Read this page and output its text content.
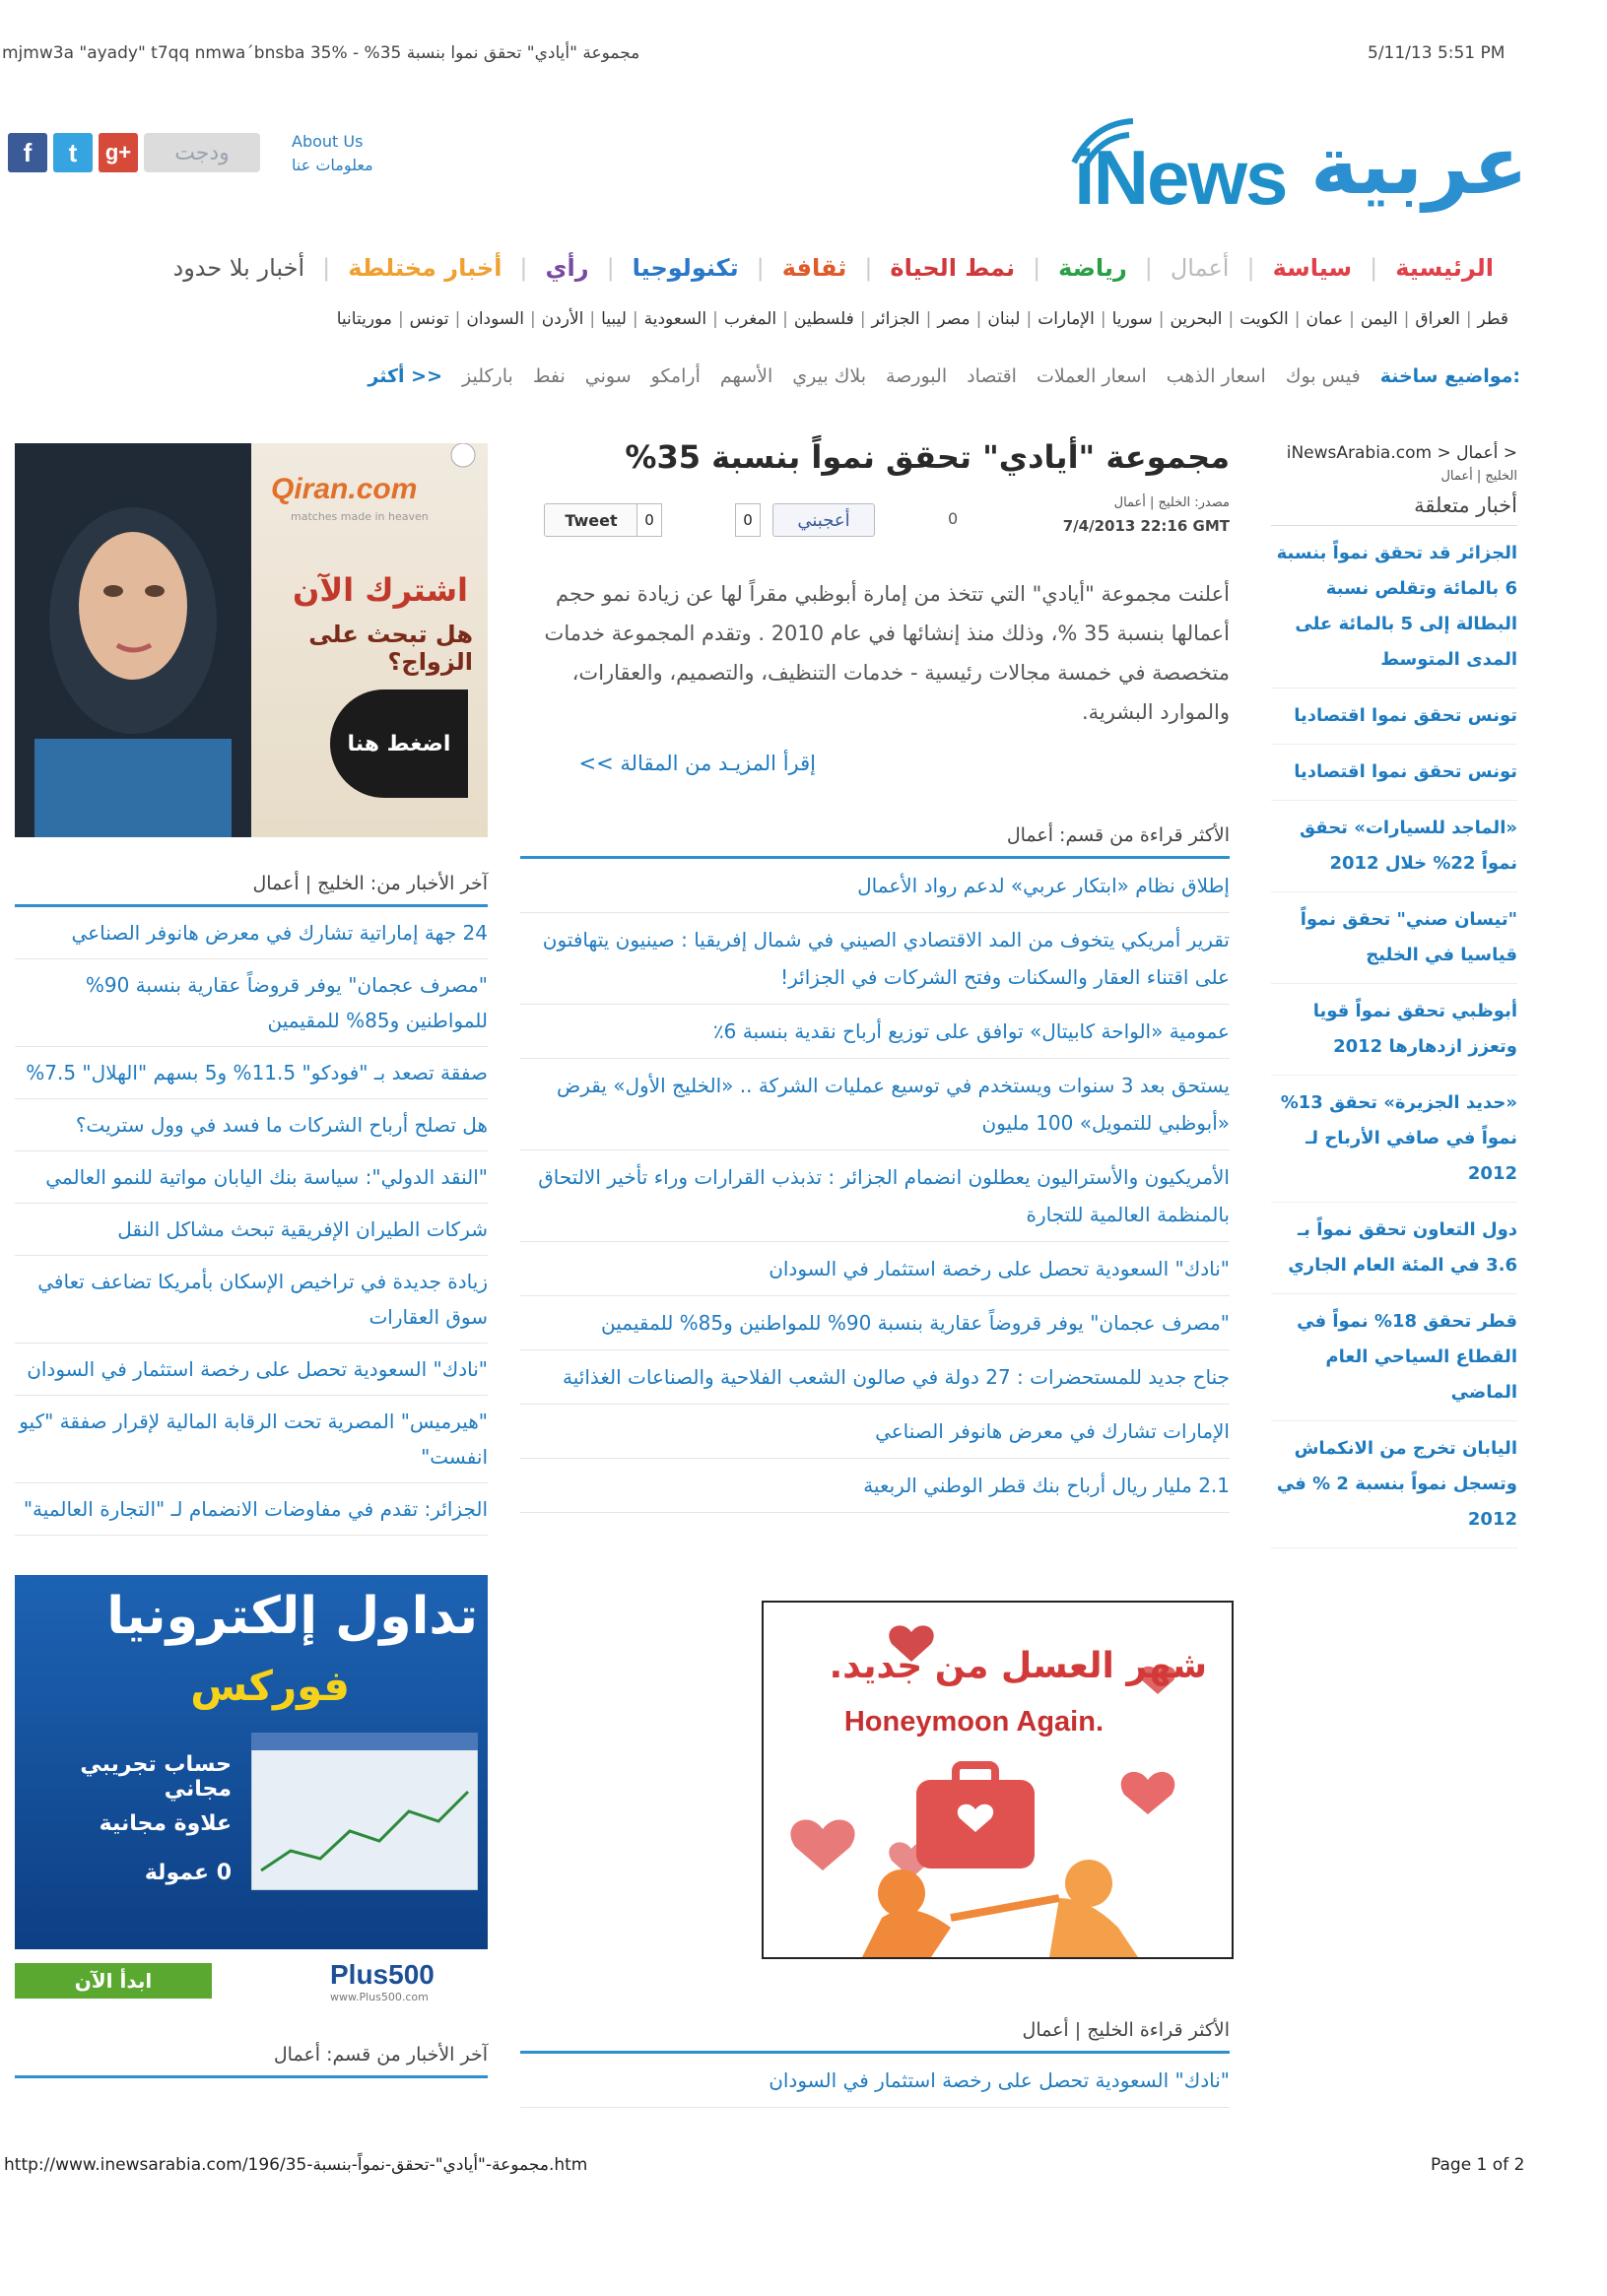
mjmw3a "ayady" t7qq nmwa´bnsba 35% - %35 مجموعة "أيادي" تحقق نموا بنسبة	5/11/13 5:51 PM
http://www.inewsarabia.com/196/35-مجموعة-"أيادي"-تحقق-نمواً-بنسبة.htm	Page 1 of 2
iNews عربية
f	t	g+	ودجت	About Us
معلومات عنا
الرئيسية
|
سياسة
|
أعمال
|
رياضة
|
نمط الحياة
|
ثقافة
|
تكنولوجيا
|
رأي
|
أخبار مختلطة
|
أخبار بلا حدود
قطر
|
العراق
|
اليمن
|
عمان
|
الكويت
|
البحرين
|
سوريا
|
الإمارات
|
لبنان
|
مصر
|
الجزائر
|
فلسطين
|
المغرب
|
السعودية
|
ليبيا
|
الأردن
|
السودان
|
تونس
|
موريتانيا
مواضيع ساخنة:
فيس بوك
اسعار الذهب
اسعار العملات
اقتصاد
البورصة
بلاك بيري
الأسهم
أرامكو
سوني
نفط
باركليز
أكثر >>
iNewsArabia.com > أعمال >
الخليج | أعمال
أخبار متعلقة
الجزائر قد تحقق نمواً بنسبة 6 بالمائة وتقلص نسبة البطالة إلى 5 بالمائة على المدى المتوسط
تونس تحقق نموا اقتصاديا
تونس تحقق نموا اقتصاديا
«الماجد للسيارات» تحقق نمواً 22% خلال 2012
"تيسان صني" تحقق نمواً قياسيا في الخليج
أبوظبي تحقق نمواً قويا وتعزز ازدهارها 2012
«حديد الجزيرة» تحقق 13% نمواً في صافي الأرباح لـ 2012
دول التعاون تحقق نمواً بـ 3.6 في المئة العام الجاري
قطر تحقق 18% نمواً في القطاع السياحي العام الماضي
اليابان تخرج من الانكماش وتسجل نمواً بنسبة 2 % في 2012
مجموعة "أيادي" تحقق نمواً بنسبة 35%
مصدر: الخليج | أعمال
7/4/2013 22:16 GMT
Tweet	0	0	أعجبني	0
أعلنت مجموعة "أيادي" التي تتخذ من إمارة أبوظبي مقراً لها عن زيادة نمو حجم أعمالها بنسبة 35 %، وذلك منذ إنشائها في عام 2010 . وتقدم المجموعة خدمات متخصصة في خمسة مجالات رئيسية - خدمات التنظيف، والتصميم، والعقارات، والموارد البشرية.
إقرأ المزيـد من المقالة >>
الأكثر قراءة من قسم: أعمال
إطلاق نظام «ابتكار عربي» لدعم رواد الأعمال
تقرير أمريكي يتخوف من المد الاقتصادي الصيني في شمال إفريقيا : صينيون يتهافتون على اقتناء العقار والسكنات وفتح الشركات في الجزائر!
عمومية «الواحة كابيتال» توافق على توزيع أرباح نقدية بنسبة 6٪
يستحق بعد 3 سنوات ويستخدم في توسيع عمليات الشركة .. «الخليج الأول» يقرض «أبوظبي للتمويل» 100 مليون
الأمريكيون والأستراليون يعطلون انضمام الجزائر : تذبذب القرارات وراء تأخير الالتحاق بالمنظمة العالمية للتجارة
"نادك" السعودية تحصل على رخصة استثمار في السودان
"مصرف عجمان" يوفر قروضاً عقارية بنسبة 90% للمواطنين و85% للمقيمين
جناح جديد للمستحضرات : 27 دولة في صالون الشعب الفلاحية والصناعات الغذائية
الإمارات تشارك في معرض هانوفر الصناعي
2.1 مليار ريال أرباح بنك قطر الوطني الربعية
شهر العسل من جديد.
Honeymoon Again.
الأكثر قراءة الخليج | أعمال
"نادك" السعودية تحصل على رخصة استثمار في السودان
Qiran.com
matches made in heaven
اشترك الآن
هل تبحث على الزواج؟
اضغط هنا
آخر الأخبار من: الخليج | أعمال
24 جهة إماراتية تشارك في معرض هانوفر الصناعي
"مصرف عجمان" يوفر قروضاً عقارية بنسبة 90% للمواطنين و85% للمقيمين
صفقة تصعد بـ "فودكو" 11.5% و5 بسهم "الهلال" 7.5%
هل تصلح أرباح الشركات ما فسد في وول ستريت؟
"النقد الدولي": سياسة بنك اليابان مواتية للنمو العالمي
شركات الطيران الإفريقية تبحث مشاكل النقل
زيادة جديدة في تراخيص الإسكان بأمريكا تضاعف تعافي سوق العقارات
"نادك" السعودية تحصل على رخصة استثمار في السودان
"هيرميس" المصرية تحت الرقابة المالية لإقرار صفقة "كيو انفست"
الجزائر: تقدم في مفاوضات الانضمام لـ "التجارة العالمية"
تداول إلكترونيا
فوركس
حساب تجريبي مجاني
علاوة مجانية
0 عمولة
ابدأ الآن	Plus500
www.Plus500.com
آخر الأخبار من قسم: أعمال
